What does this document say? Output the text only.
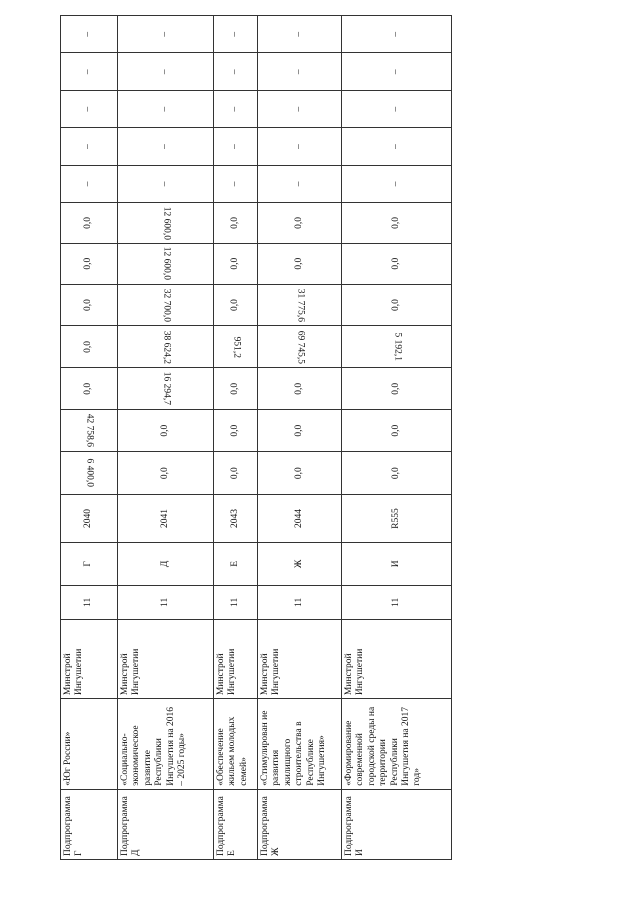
Подпрограмма Г	«Юг России»	Минстрой Ингушетии	11	Г	2040	6 400,0	42 758,6	0,0	0,0	0,0	0,0	0,0	–	–	–	–	–
Подпрограмма Д	«Социально-экономическое развитие Республики Ингушетия на 2016 – 2025 годы»	Минстрой Ингушетии	11	Д	2041	0,0	0,0	16 294,7	38 624,2	32 700,0	12 600,0	12 600,0	–	–	–	–	–
Подпрограмма Е	«Обеспечение жильем молодых семей»	Минстрой Ингушетии	11	Е	2043	0,0	0,0	0,0	951,2	0,0	0,0	0,0	–	–	–	–	–
Подпрограмма Ж	«Стимулирован ие развития жилищного строительства в Республике Ингушетия»	Минстрой Ингушетии	11	Ж	2044	0,0	0,0	0,0	69 745,5	31 775,6	0,0	0,0	–	–	–	–	–
Подпрограмма И	«Формирование современной городской среды на территории Республики Ингушетия на 2017 год»	Минстрой Ингушетии	11	И	R555	0,0	0,0	0,0	5 192,1	0,0	0,0	0,0	–	–	–	–	–
